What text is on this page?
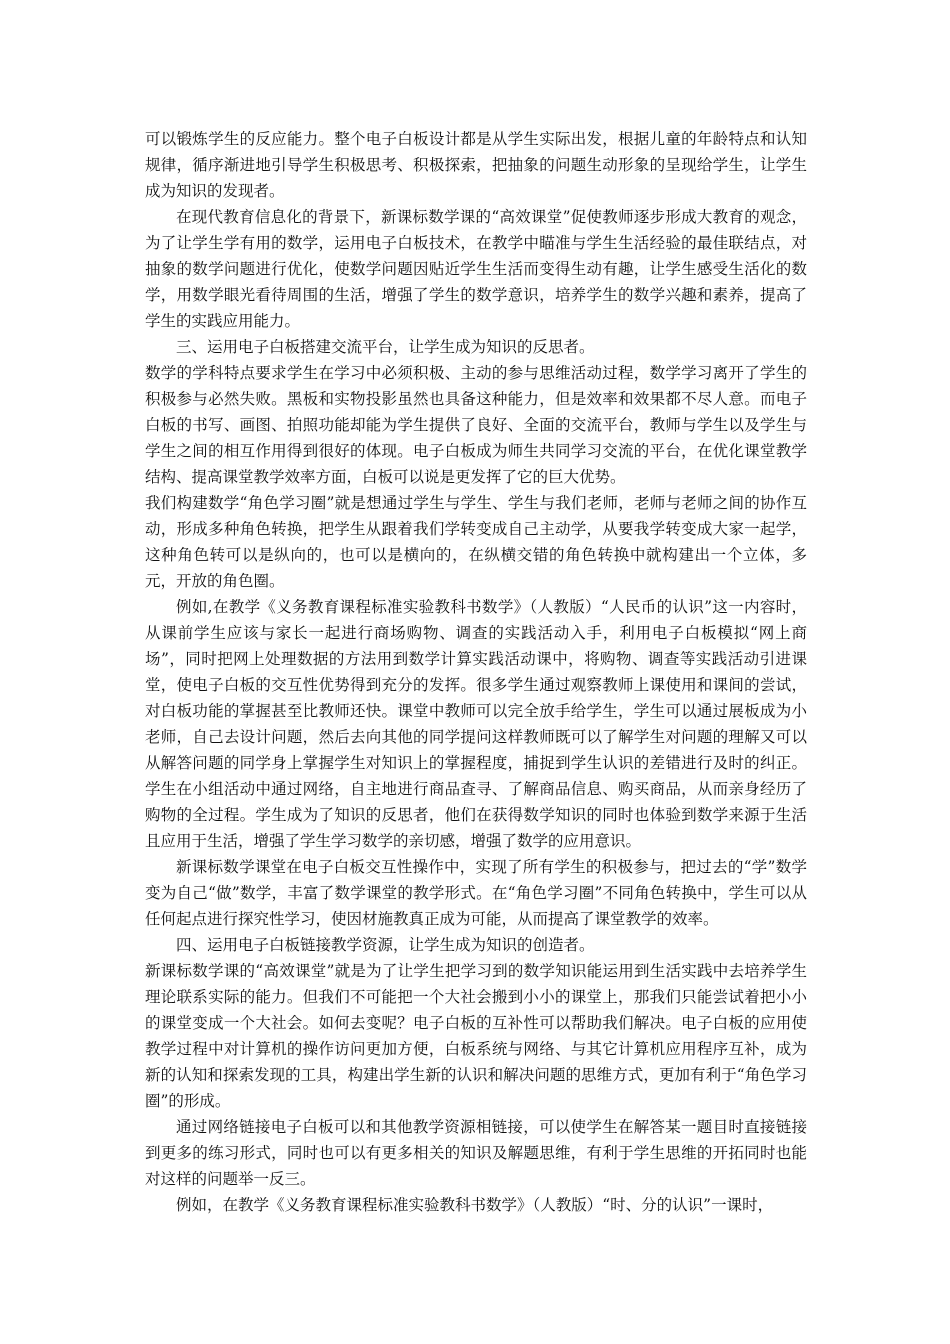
可以锻炼学生的反应能力。整个电子白板设计都是从学生实际出发，根据儿童的年龄特点和认知规律，循序渐进地引导学生积极思考、积极探索，把抽象的问题生动形象的呈现给学生，让学生成为知识的发现者。

在现代教育信息化的背景下，新课标数学课的“高效课堂”促使教师逐步形成大教育的观念，为了让学生学有用的数学，运用电子白板技术，在教学中瞄准与学生生活经验的最佳联结点，对抽象的数学问题进行优化，使数学问题因贴近学生生活而变得生动有趣，让学生感受生活化的数学，用数学眼光看待周围的生活，增强了学生的数学意识，培养学生的数学兴趣和素养，提高了学生的实践应用能力。

三、运用电子白板搭建交流平台，让学生成为知识的反思者。

数学的学科特点要求学生在学习中必须积极、主动的参与思维活动过程，数学学习离开了学生的积极参与必然失败。黑板和实物投影虽然也具备这种能力，但是效率和效果都不尽人意。而电子白板的书写、画图、拍照功能却能为学生提供了良好、全面的交流平台，教师与学生以及学生与学生之间的相互作用得到很好的体现。电子白板成为师生共同学习交流的平台，在优化课堂教学结构、提高课堂教学效率方面，白板可以说是更发挥了它的巨大优势。

我们构建数学“角色学习圈”就是想通过学生与学生、学生与我们老师，老师与老师之间的协作互动，形成多种角色转换，把学生从跟着我们学转变成自己主动学，从要我学转变成大家一起学，这种角色转可以是纵向的，也可以是横向的，在纵横交错的角色转换中就构建出一个立体，多元，开放的角色圈。

例如,在教学《义务教育课程标准实验教科书数学》（人教版）“人民币的认识”这一内容时，从课前学生应该与家长一起进行商场购物、调查的实践活动入手，利用电子白板模拟“网上商场”，同时把网上处理数据的方法用到数学计算实践活动课中，将购物、调查等实践活动引进课堂，使电子白板的交互性优势得到充分的发挥。很多学生通过观察教师上课使用和课间的尝试，对白板功能的掌握甚至比教师还快。课堂中教师可以完全放手给学生，学生可以通过展板成为小老师，自己去设计问题，然后去向其他的同学提问这样教师既可以了解学生对问题的理解又可以从解答问题的同学身上掌握学生对知识上的掌握程度，捕捉到学生认识的差错进行及时的纠正。学生在小组活动中通过网络，自主地进行商品查寻、了解商品信息、购买商品，从而亲身经历了购物的全过程。学生成为了知识的反思者，他们在获得数学知识的同时也体验到数学来源于生活且应用于生活，增强了学生学习数学的亲切感，增强了数学的应用意识。

新课标数学课堂在电子白板交互性操作中，实现了所有学生的积极参与，把过去的“学”数学变为自己“做”数学，丰富了数学课堂的教学形式。在“角色学习圈”不同角色转换中，学生可以从任何起点进行探究性学习，使因材施教真正成为可能，从而提高了课堂教学的效率。

四、运用电子白板链接教学资源，让学生成为知识的创造者。

新课标数学课的“高效课堂”就是为了让学生把学习到的数学知识能运用到生活实践中去培养学生理论联系实际的能力。但我们不可能把一个大社会搬到小小的课堂上，那我们只能尝试着把小小的课堂变成一个大社会。如何去变呢？电子白板的互补性可以帮助我们解决。电子白板的应用使教学过程中对计算机的操作访问更加方便，白板系统与网络、与其它计算机应用程序互补，成为新的认知和探索发现的工具，构建出学生新的认识和解决问题的思维方式，更加有利于“角色学习圈”的形成。

通过网络链接电子白板可以和其他教学资源相链接，可以使学生在解答某一题目时直接链接到更多的练习形式，同时也可以有更多相关的知识及解题思维，有利于学生思维的开拓同时也能对这样的问题举一反三。

例如，在教学《义务教育课程标准实验教科书数学》（人教版）“时、分的认识”一课时，
